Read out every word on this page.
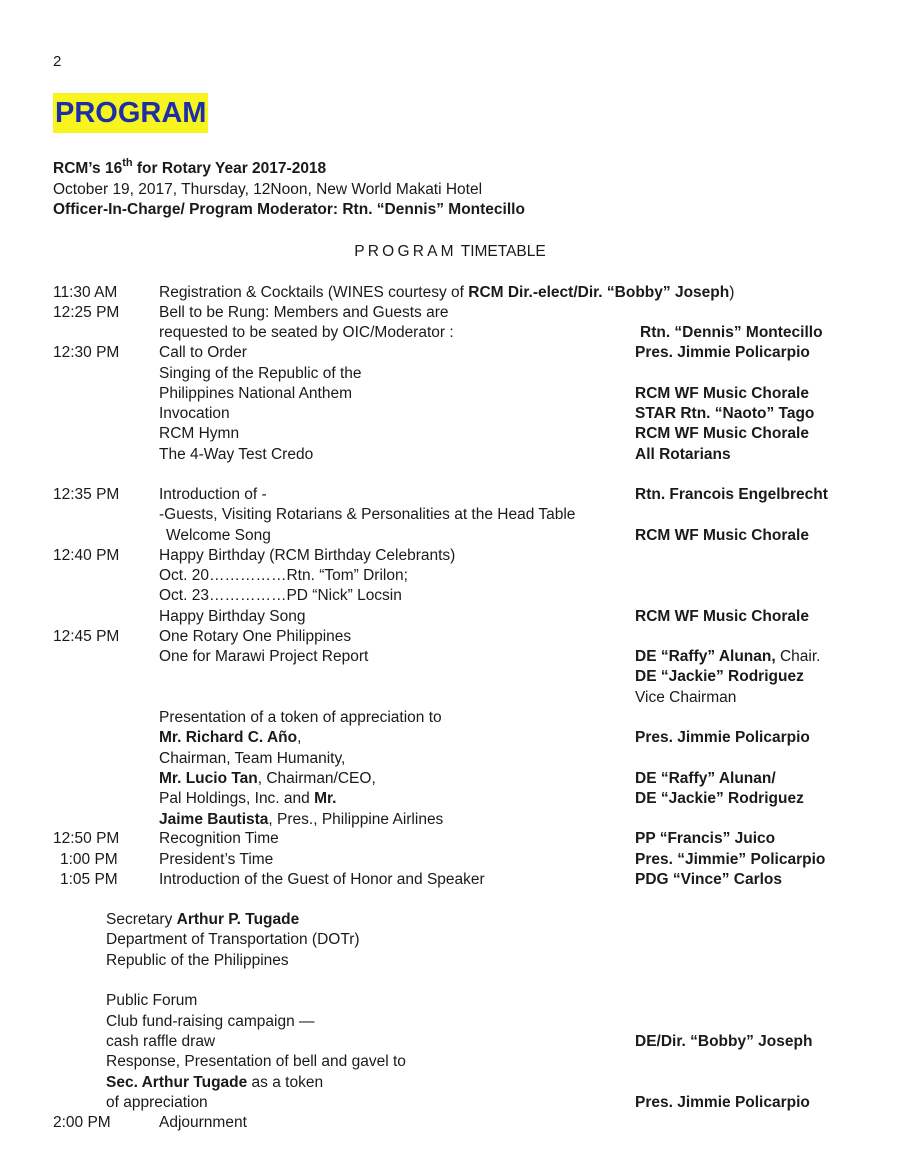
2
PROGRAM
RCM’s 16th for Rotary Year 2017-2018
October 19, 2017, Thursday, 12Noon, New World Makati Hotel
Officer-In-Charge/ Program Moderator: Rtn. “Dennis” Montecillo
PROGRAM TIMETABLE
11:30 AM	Registration & Cocktails (WINES courtesy of RCM Dir.-elect/Dir. “Bobby” Joseph)
12:25 PM	Bell to be Rung: Members and Guests are
requested to be seated by OIC/Moderator :	Rtn. “Dennis” Montecillo
12:30 PM	Call to Order	Pres. Jimmie Policarpio
Singing of the Republic of the
Philippines National Anthem	RCM WF Music Chorale
Invocation	STAR Rtn. “Naoto” Tago
RCM Hymn	RCM WF Music Chorale
The 4-Way Test Credo	All Rotarians
12:35 PM	Introduction of -	Rtn. Francois Engelbrecht
-Guests, Visiting Rotarians & Personalities at the Head Table
Welcome Song	RCM WF Music Chorale
12:40 PM	Happy Birthday (RCM Birthday Celebrants)
Oct. 20……………Rtn. “Tom” Drilon;
Oct. 23……………PD “Nick” Locsin
Happy Birthday Song	RCM WF Music Chorale
12:45 PM	One Rotary One Philippines
One for Marawi Project Report	DE “Raffy” Alunan, Chair.
DE “Jackie” Rodriguez
Vice Chairman
Presentation of a token of appreciation to
Mr. Richard C. Año,	Pres. Jimmie Policarpio
Chairman, Team Humanity,
Mr. Lucio Tan, Chairman/CEO,	DE “Raffy” Alunan/
Pal Holdings, Inc. and Mr.	DE “Jackie” Rodriguez
Jaime Bautista, Pres., Philippine Airlines
12:50 PM	Recognition Time	PP “Francis” Juico
1:00 PM	President’s Time	Pres. “Jimmie” Policarpio
1:05 PM	Introduction of the Guest of Honor and Speaker	PDG “Vince” Carlos
Secretary Arthur P. Tugade
Department of Transportation (DOTr)
Republic of the Philippines
Public Forum
Club fund-raising campaign —
cash raffle draw	DE/Dir. “Bobby” Joseph
Response, Presentation of bell and gavel to
Sec. Arthur Tugade as a token
of appreciation	Pres. Jimmie Policarpio
2:00 PM	Adjournment
